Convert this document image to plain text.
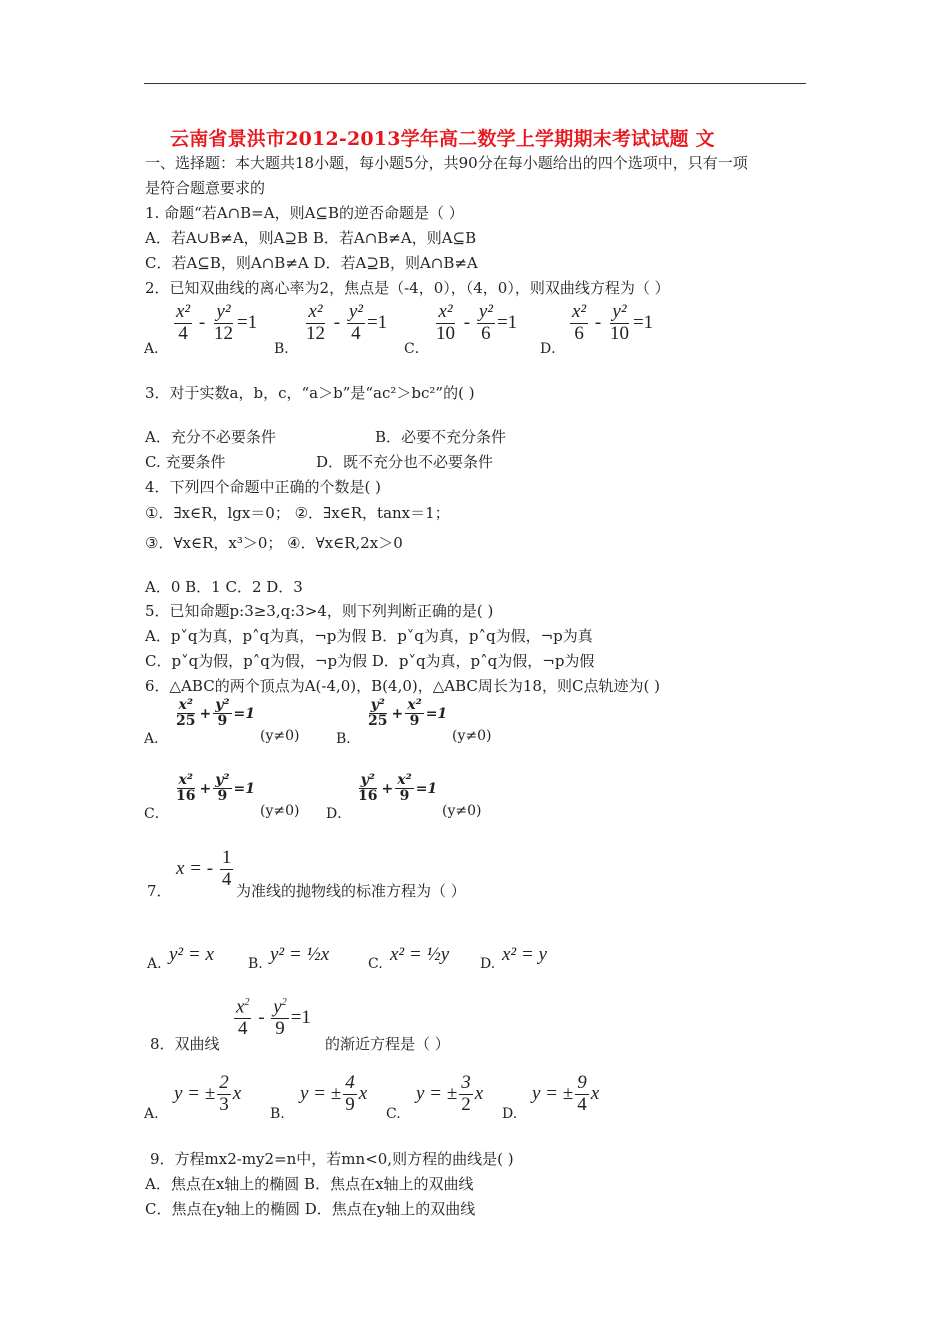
云南省景洪市2012-2013学年高二数学上学期期末考试试题 文
一、选择题：本大题共18小题，每小题5分，共90分在每小题给出的四个选项中，只有一项
是符合题意要求的
1. 命题“若A∩B=A，则A⊆B的逆否命题是（ ）
A．若A∪B≠A，则A⊇B B．若A∩B≠A，则A⊆B
C．若A⊆B，则A∩B≠A D．若A⊇B，则A∩B≠A
2．已知双曲线的离心率为2，焦点是（-4，0），（4，0），则双曲线方程为（ ）
3．对于实数a，b，c，“a＞b”是“ac²＞bc²”的( )
A．充分不必要条件	B．必要不充分条件
C. 充要条件	D．既不充分也不必要条件
4．下列四个命题中正确的个数是( )
①．∃x∈R，lgx＝0； ②．∃x∈R，tanx＝1；
③．∀x∈R，x³＞0； ④．∀x∈R,2x＞0
A．0 B．1 C．2 D．3
5．已知命题p:3≥3,q:3>4，则下列判断正确的是( )
A．p˅q为真，p˄q为真，¬p为假 B．p˅q为真，p˄q为假，¬p为真
C．p˅q为假，p˄q为假，¬p为假 D．p˅q为真，p˄q为假，¬p为假
6．△ABC的两个顶点为A(-4,0)，B(4,0)，△ABC周长为18，则C点轨迹为( )
x = - $\frac{1}{4}$
7．	为准线的抛物线的标准方程为（ ）
$\frac{x^2}{4} - \frac{y^2}{9} =1$
8．双曲线	的渐近方程是（ ）
9．方程mx2-my2=n中，若mn<0,则方程的曲线是( )
A．焦点在x轴上的椭圆 B．焦点在x轴上的双曲线
C．焦点在y轴上的椭圆 D．焦点在y轴上的双曲线
A．
$\frac{\text{x²}}{4} - \frac{\text{y²}}{12} =1$
B．
$\frac{\text{x²}}{12} - \frac{\text{y²}}{4} =1$
C．
$\frac{\text{x²}}{10} - \frac{\text{y²}}{6} =1$
D．
$\frac{\text{x²}}{6} - \frac{\text{y²}}{10} =1$
A．
$\frac{\text{x²}}{25} + \frac{\text{y²}}{9} =1$
(y≠0)	B．
$\frac{\text{y²}}{25} + \frac{\text{x²}}{9} =1$
(y≠0)
C．
$\frac{\text{x²}}{16} + \frac{\text{y²}}{9} =1$
(y≠0) D．
$\frac{\text{y²}}{16} + \frac{\text{x²}}{9} =1$
(y≠0)
A. y² = x B. y² = ½x	C. x² = ½y D. x² = y
A.
y = ± $\frac{2}{3}$ x
B.
y = ± $\frac{4}{9}$ x
C.
y = ± $\frac{3}{2}$ x
D.
y = ± $\frac{9}{4}$ x
